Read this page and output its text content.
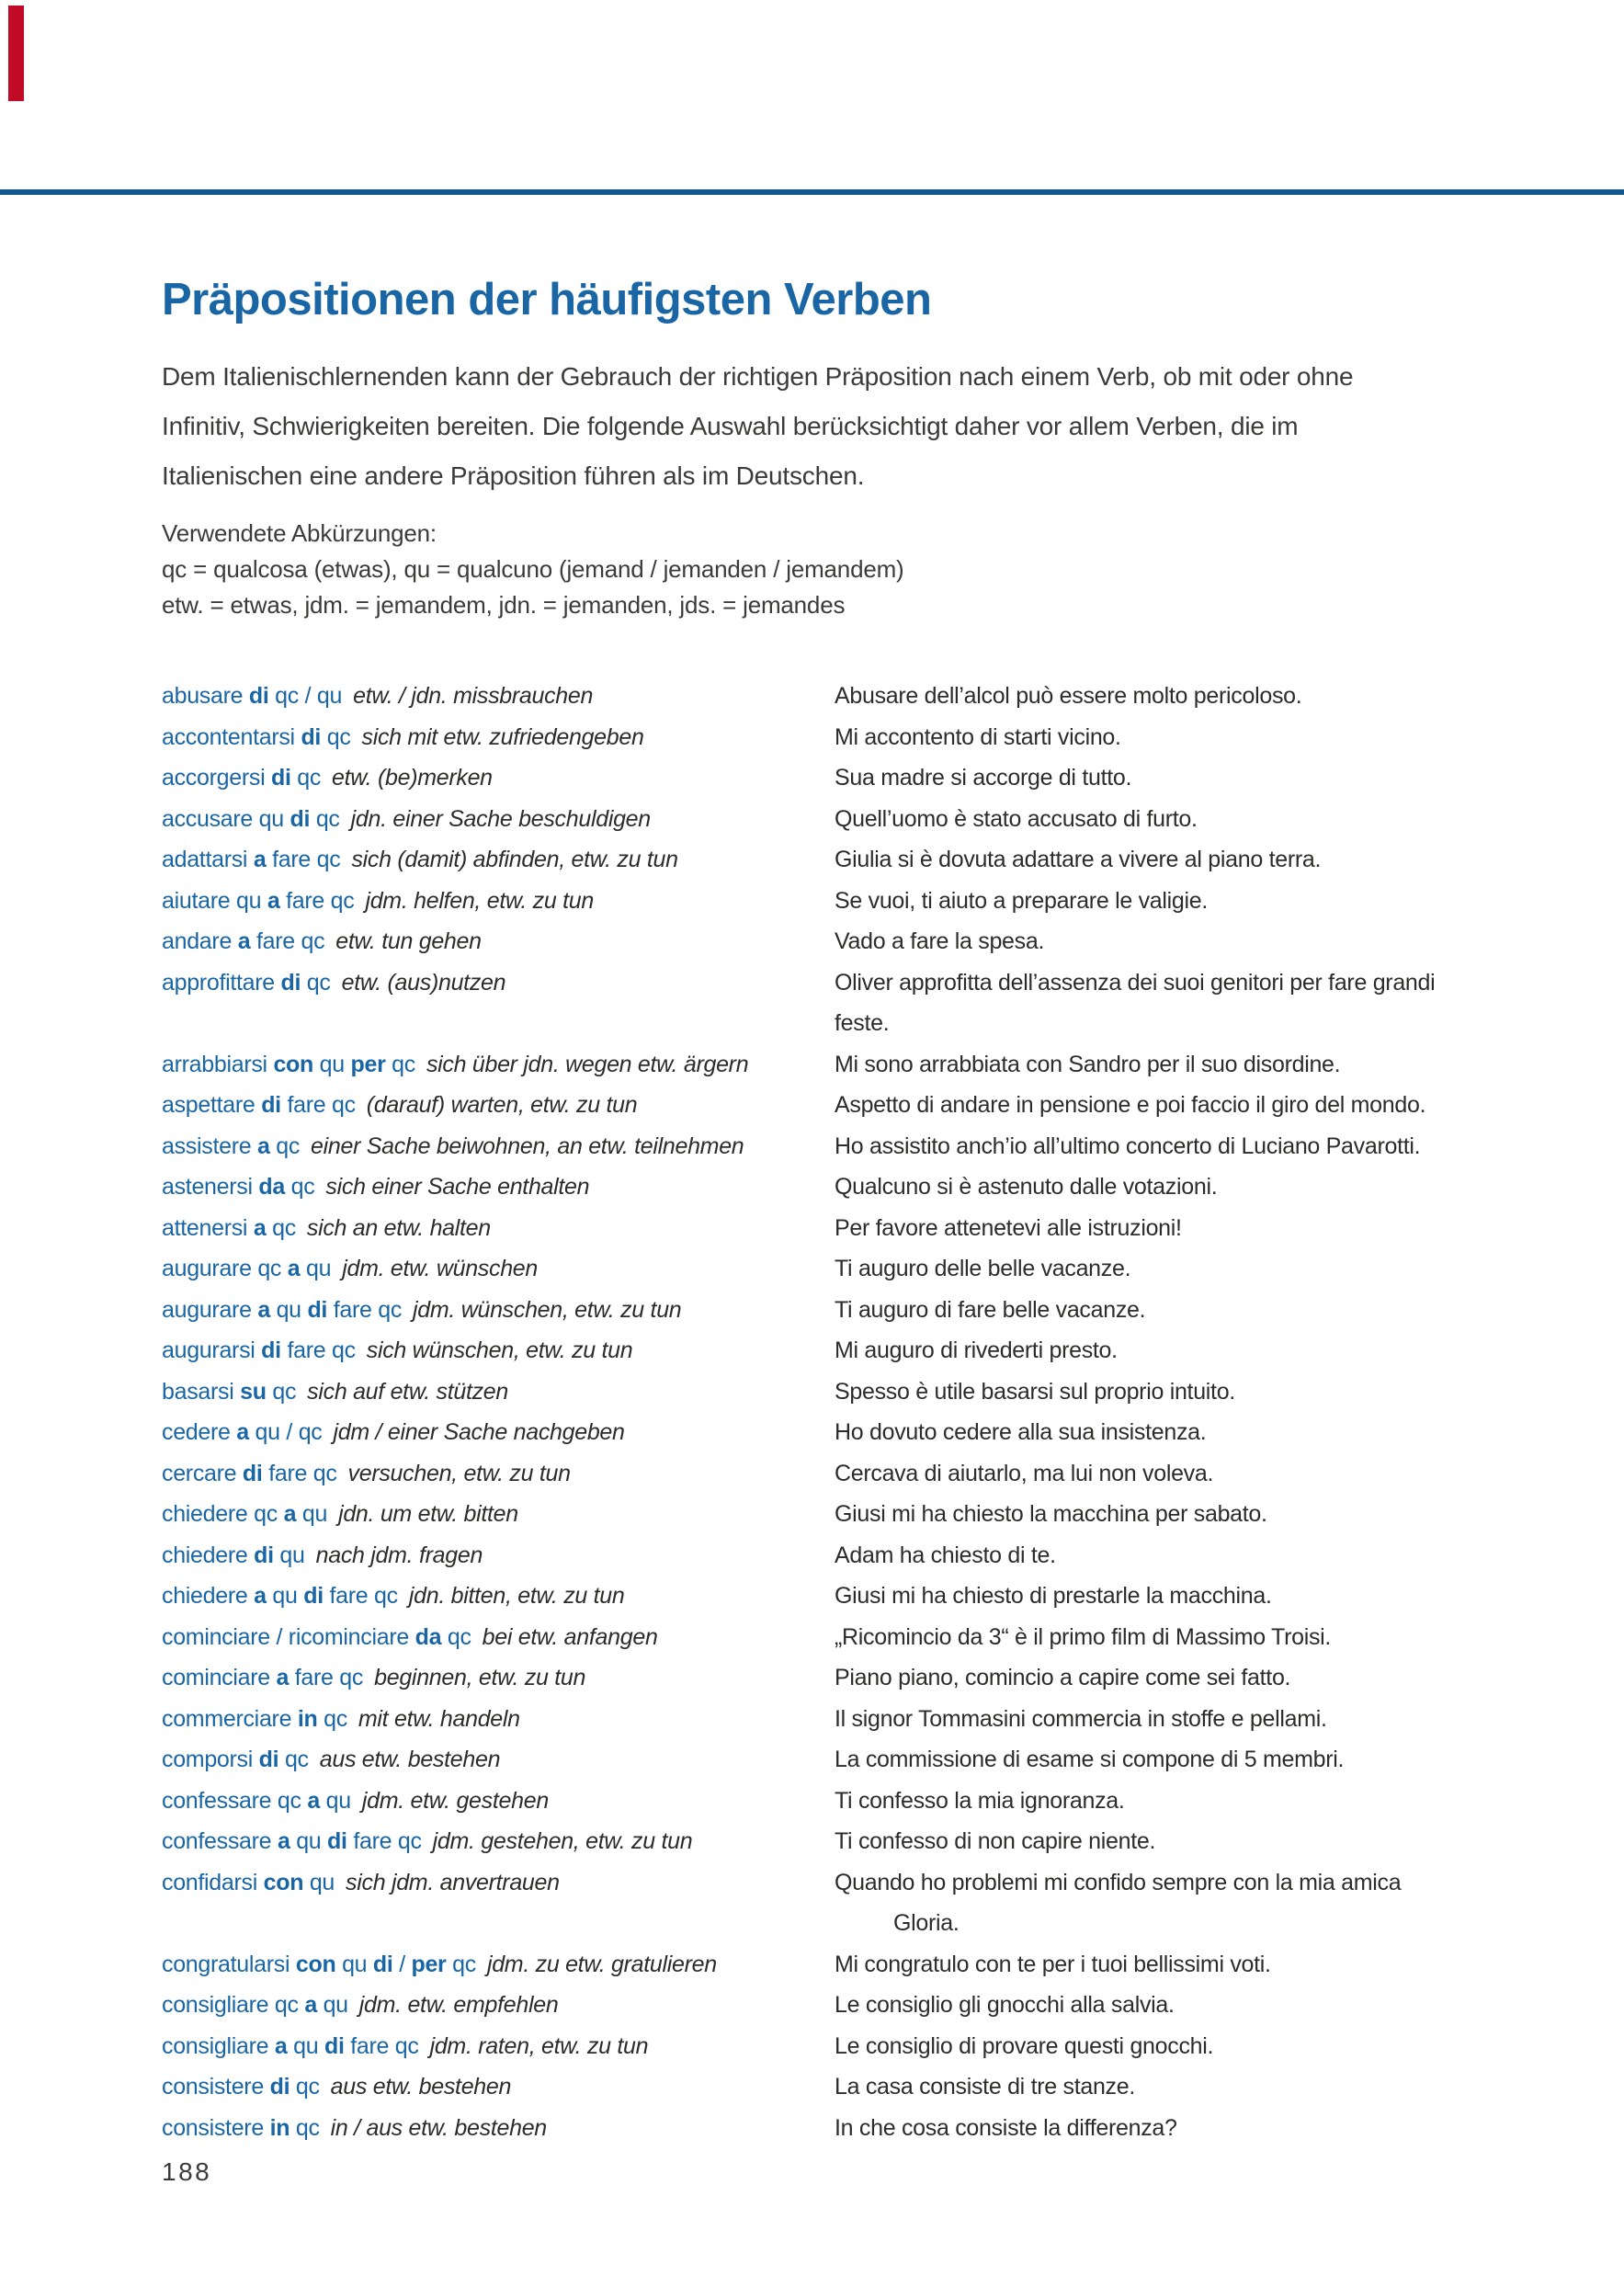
Präpositionen der häufigsten Verben
Dem Italienischlernenden kann der Gebrauch der richtigen Präposition nach einem Verb, ob mit oder ohne
Infinitiv, Schwierigkeiten bereiten. Die folgende Auswahl berücksichtigt daher vor allem Verben, die im
Italienischen eine andere Präposition führen als im Deutschen.
Verwendete Abkürzungen:
qc = qualcosa (etwas), qu = qualcuno (jemand / jemanden / jemandem)
etw. = etwas, jdm. = jemandem, jdn. = jemanden, jds. = jemandes
abusare di qc / qu etw. / jdn. missbrauchen	Abusare dell’alcol può essere molto pericoloso.
accontentarsi di qc sich mit etw. zufriedengeben	Mi accontento di starti vicino.
accorgersi di qc etw. (be)merken	Sua madre si accorge di tutto.
accusare qu di qc jdn. einer Sache beschuldigen	Quell’uomo è stato accusato di furto.
adattarsi a fare qc sich (damit) abfinden, etw. zu tun	Giulia si è dovuta adattare a vivere al piano terra.
aiutare qu a fare qc jdm. helfen, etw. zu tun	Se vuoi, ti aiuto a preparare le valigie.
andare a fare qc etw. tun gehen	Vado a fare la spesa.
approfittare di qc etw. (aus)nutzen	Oliver approfitta dell’assenza dei suoi genitori per fare grandi
feste.
arrabbiarsi con qu per qc sich über jdn. wegen etw. ärgern	Mi sono arrabbiata con Sandro per il suo disordine.
aspettare di fare qc (darauf) warten, etw. zu tun	Aspetto di andare in pensione e poi faccio il giro del mondo.
assistere a qc einer Sache beiwohnen, an etw. teilnehmen	Ho assistito anch’io all’ultimo concerto di Luciano Pavarotti.
astenersi da qc sich einer Sache enthalten	Qualcuno si è astenuto dalle votazioni.
attenersi a qc sich an etw. halten	Per favore attenetevi alle istruzioni!
augurare qc a qu jdm. etw. wünschen	Ti auguro delle belle vacanze.
augurare a qu di fare qc jdm. wünschen, etw. zu tun	Ti auguro di fare belle vacanze.
augurarsi di fare qc sich wünschen, etw. zu tun	Mi auguro di rivederti presto.
basarsi su qc sich auf etw. stützen	Spesso è utile basarsi sul proprio intuito.
cedere a qu / qc jdm / einer Sache nachgeben	Ho dovuto cedere alla sua insistenza.
cercare di fare qc versuchen, etw. zu tun	Cercava di aiutarlo, ma lui non voleva.
chiedere qc a qu jdn. um etw. bitten	Giusi mi ha chiesto la macchina per sabato.
chiedere di qu nach jdm. fragen	Adam ha chiesto di te.
chiedere a qu di fare qc jdn. bitten, etw. zu tun	Giusi mi ha chiesto di prestarle la macchina.
cominciare / ricominciare da qc bei etw. anfangen	„Ricomincio da 3“ è il primo film di Massimo Troisi.
cominciare a fare qc beginnen, etw. zu tun	Piano piano, comincio a capire come sei fatto.
commerciare in qc mit etw. handeln	Il signor Tommasini commercia in stoffe e pellami.
comporsi di qc aus etw. bestehen	La commissione di esame si compone di 5 membri.
confessare qc a qu jdm. etw. gestehen	Ti confesso la mia ignoranza.
confessare a qu di fare qc jdm. gestehen, etw. zu tun	Ti confesso di non capire niente.
confidarsi con qu sich jdm. anvertrauen	Quando ho problemi mi confido sempre con la mia amica
Gloria.
congratularsi con qu di / per qc jdm. zu etw. gratulieren	Mi congratulo con te per i tuoi bellissimi voti.
consigliare qc a qu jdm. etw. empfehlen	Le consiglio gli gnocchi alla salvia.
consigliare a qu di fare qc jdm. raten, etw. zu tun	Le consiglio di provare questi gnocchi.
consistere di qc aus etw. bestehen	La casa consiste di tre stanze.
consistere in qc in / aus etw. bestehen	In che cosa consiste la differenza?
188
